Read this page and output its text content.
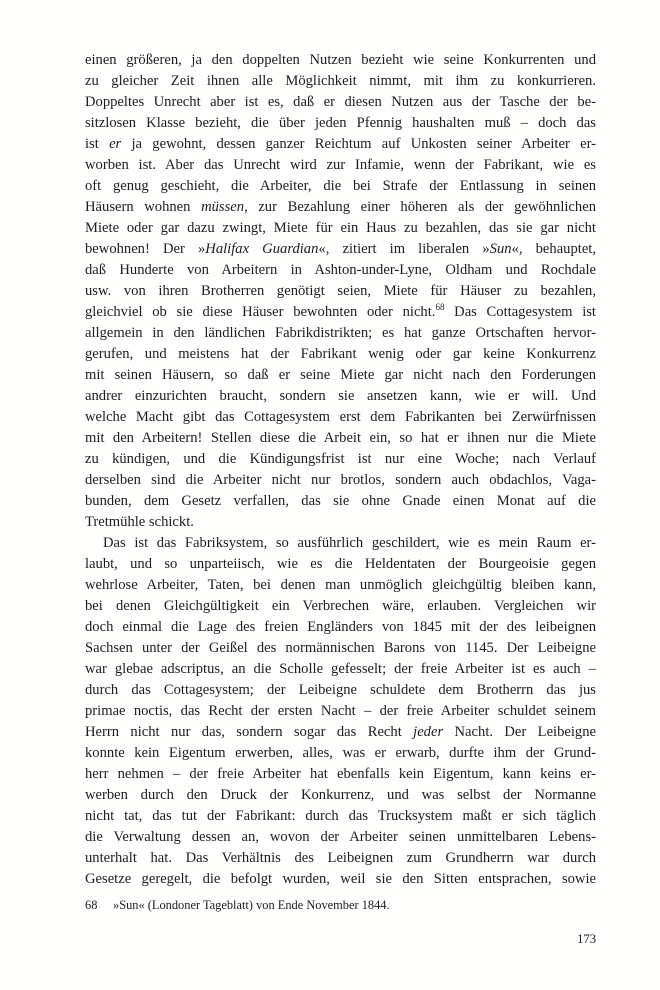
einen größeren, ja den doppelten Nutzen bezieht wie seine Konkurrenten und
zu gleicher Zeit ihnen alle Möglichkeit nimmt, mit ihm zu konkurrieren.
Doppeltes Unrecht aber ist es, daß er diesen Nutzen aus der Tasche der be-
sitzlosen Klasse bezieht, die über jeden Pfennig haushalten muß – doch das
ist er ja gewohnt, dessen ganzer Reichtum auf Unkosten seiner Arbeiter er-
worben ist. Aber das Unrecht wird zur Infamie, wenn der Fabrikant, wie es
oft genug geschieht, die Arbeiter, die bei Strafe der Entlassung in seinen
Häusern wohnen müssen, zur Bezahlung einer höheren als der gewöhnlichen
Miete oder gar dazu zwingt, Miete für ein Haus zu bezahlen, das sie gar nicht
bewohnen! Der »Halifax Guardian«, zitiert im liberalen »Sun«, behauptet,
daß Hunderte von Arbeitern in Ashton-under-Lyne, Oldham und Rochdale
usw. von ihren Brotherren genötigt seien, Miete für Häuser zu bezahlen,
gleichviel ob sie diese Häuser bewohnten oder nicht.$^{68}$ Das Cottagesystem ist
allgemein in den ländlichen Fabrikdistrikten; es hat ganze Ortschaften hervor-
gerufen, und meistens hat der Fabrikant wenig oder gar keine Konkurrenz
mit seinen Häusern, so daß er seine Miete gar nicht nach den Forderungen
andrer einzurichten braucht, sondern sie ansetzen kann, wie er will. Und
welche Macht gibt das Cottagesystem erst dem Fabrikanten bei Zerwürfnissen
mit den Arbeitern! Stellen diese die Arbeit ein, so hat er ihnen nur die Miete
zu kündigen, und die Kündigungsfrist ist nur eine Woche; nach Verlauf
derselben sind die Arbeiter nicht nur brotlos, sondern auch obdachlos, Vaga-
bunden, dem Gesetz verfallen, das sie ohne Gnade einen Monat auf die
Tretmühle schickt.
Das ist das Fabriksystem, so ausführlich geschildert, wie es mein Raum er-
laubt, und so unparteiisch, wie es die Heldentaten der Bourgeoisie gegen
wehrlose Arbeiter, Taten, bei denen man unmöglich gleichgültig bleiben kann,
bei denen Gleichgültigkeit ein Verbrechen wäre, erlauben. Vergleichen wir
doch einmal die Lage des freien Engländers von 1845 mit der des leibeignen
Sachsen unter der Geißel des normännischen Barons von 1145. Der Leibeigne
war glebae adscriptus, an die Scholle gefesselt; der freie Arbeiter ist es auch –
durch das Cottagesystem; der Leibeigne schuldete dem Brotherrn das jus
primae noctis, das Recht der ersten Nacht – der freie Arbeiter schuldet seinem
Herrn nicht nur das, sondern sogar das Recht jeder Nacht. Der Leibeigne
konnte kein Eigentum erwerben, alles, was er erwarb, durfte ihm der Grund-
herr nehmen – der freie Arbeiter hat ebenfalls kein Eigentum, kann keins er-
werben durch den Druck der Konkurrenz, und was selbst der Normanne
nicht tat, das tut der Fabrikant: durch das Trucksystem maßt er sich täglich
die Verwaltung dessen an, wovon der Arbeiter seinen unmittelbaren Lebens-
unterhalt hat. Das Verhältnis des Leibeignen zum Grundherrn war durch
Gesetze geregelt, die befolgt wurden, weil sie den Sitten entsprachen, sowie
68	»Sun« (Londoner Tageblatt) von Ende November 1844.
173
